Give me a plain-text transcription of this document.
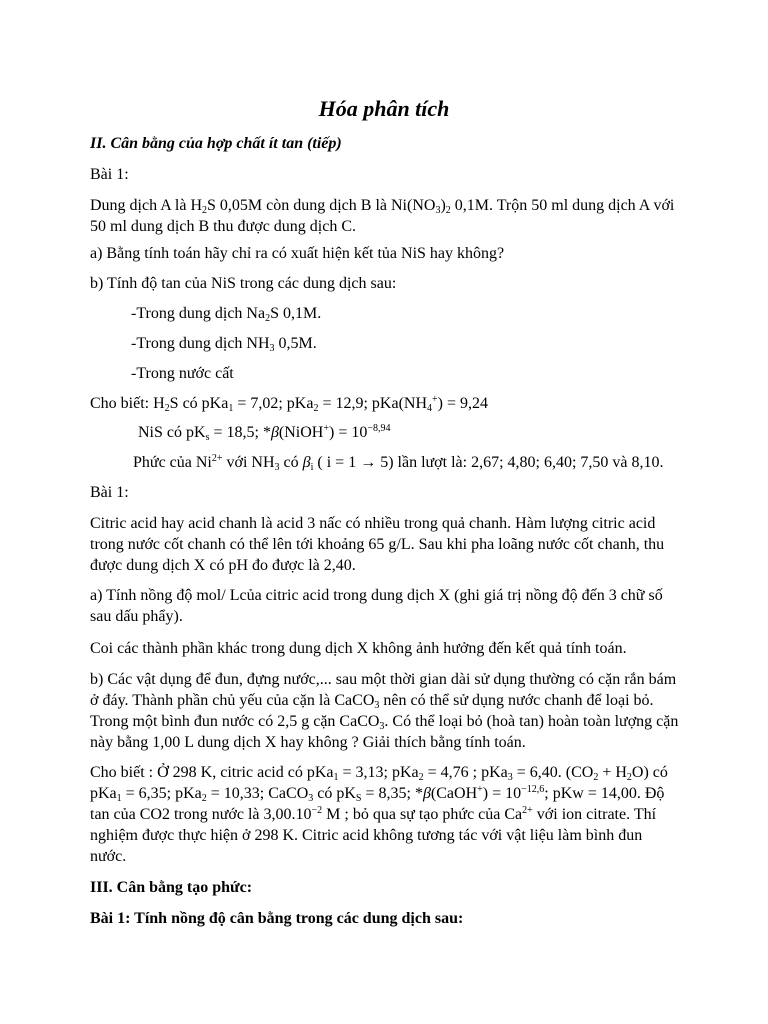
Hóa phân tích

II. Cân bằng của hợp chất ít tan (tiếp)

Bài 1:

Dung dịch A là $H_2S$ 0,05M còn dung dịch B là $Ni(NO_3)_2$ 0,1M. Trộn 50 ml dung dịch A với 50 ml dung dịch B thu được dung dịch C.

a) Bằng tính toán hãy chỉ ra có xuất hiện kết tủa NiS hay không?

b) Tính độ tan của NiS trong các dung dịch sau:

-Trong dung dịch $Na_2S$ 0,1M.

-Trong dung dịch $NH_3$ 0,5M.

-Trong nước cất

Cho biết: $H_2S$ có pKa$_1$ = 7,02; pKa$_2$ = 12,9; $pKa(NH_4^+) = 9,24$

NiS có $pK_s = 18,5$; *β(NiOH+) = $10^{-8,94}$

Phức của $Ni^{2+}$ với $NH_3$ có $\beta_i$ ( i = 1 → 5) lần lượt là: 2,67; 4,80; 6,40; 7,50 và 8,10.

Bài 1:

Citric acid hay acid chanh là acid 3 nấc có nhiều trong quả chanh. Hàm lượng citric acid trong nước cốt chanh có thể lên tới khoảng 65 g/L. Sau khi pha loãng nước cốt chanh, thu được dung dịch X có pH đo được là 2,40.

a) Tính nồng độ mol/ Lcủa citric acid trong dung dịch X (ghi giá trị nồng độ đến 3 chữ số sau dấu phẩy).

Coi các thành phần khác trong dung dịch X không ảnh hưởng đến kết quả tính toán.

b) Các vật dụng để đun, đựng nước,... sau một thời gian dài sử dụng thường có cặn rắn bám ở đáy. Thành phần chủ yếu của cặn là CaCO$_3$ nên có thể sử dụng nước chanh để loại bỏ. Trong một bình đun nước có 2,5 g cặn CaCO$_3$. Có thể loại bỏ (hoà tan) hoàn toàn lượng cặn này bằng 1,00 L dung dịch X hay không ? Giải thích bằng tính toán.

Cho biết : Ở 298 K, citric acid có pKa$_1$ = 3,13; pKa$_2$ = 4,76 ; pKa$_3$ = 6,40. $(CO_2 + H_2O)$ có pKa$_1$ = 6,35; pKa$_2$ = 10,33; CaCO$_3$ có $pK_S = 8,35$; *β(CaOH+) = $10^{-12,6}$; pKw = 14,00. Độ tan của CO2 trong nước là $3,00.10^{-2}$ M ; bỏ qua sự tạo phức của $Ca^{2+}$ với ion citrate. Thí nghiệm được thực hiện ở 298 K. Citric acid không tương tác với vật liệu làm bình đun nước.

III. Cân bằng tạo phức:

Bài 1: Tính nồng độ cân bằng trong các dung dịch sau:
